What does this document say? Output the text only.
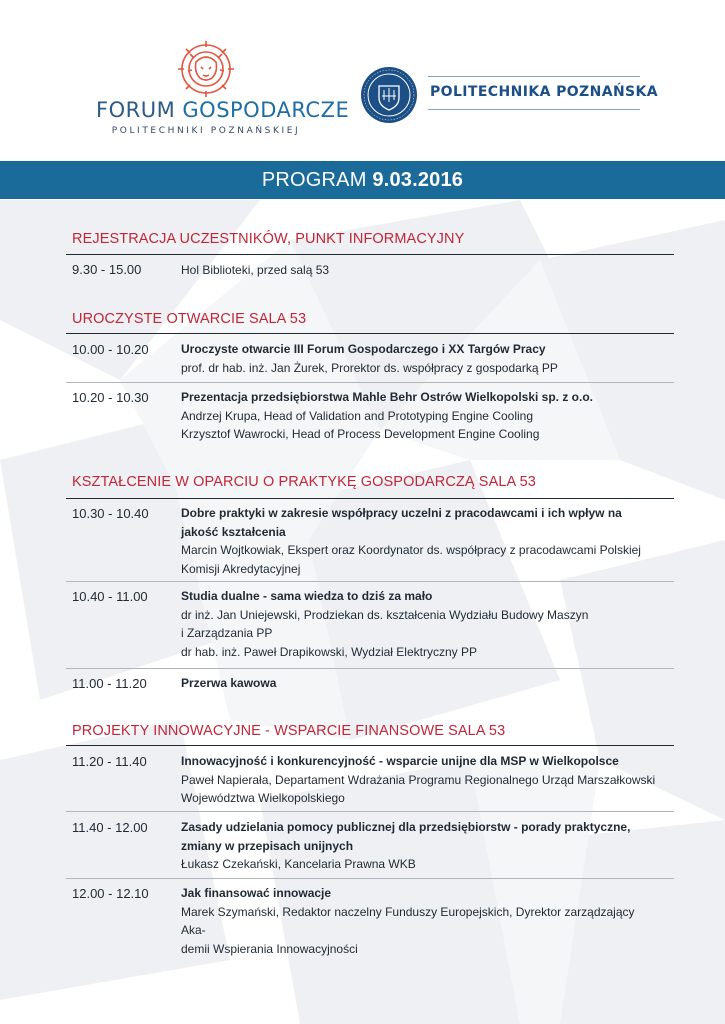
FORUM GOSPODARCZE
POLITECHNIKI POZNAŃSKIEJ
POLITECHNIKA POZNAŃSKA
PROGRAM 9.03.2016
REJESTRACJA UCZESTNIKÓW, PUNKT INFORMACYJNY
9.30 - 15.00	Hol Biblioteki, przed salą 53
UROCZYSTE OTWARCIE SALA 53
10.00 - 10.20	Uroczyste otwarcie III Forum Gospodarczego i XX Targów Pracy
prof. dr hab. inż. Jan Żurek, Prorektor ds. współpracy z gospodarką PP
10.20 - 10.30	Prezentacja przedsiębiorstwa Mahle Behr Ostrów Wielkopolski sp. z o.o.
Andrzej Krupa, Head of Validation and Prototyping Engine Cooling
Krzysztof Wawrocki, Head of Process Development Engine Cooling
KSZTAŁCENIE W OPARCIU O PRAKTYKĘ GOSPODARCZĄ SALA 53
10.30 - 10.40	Dobre praktyki w zakresie współpracy uczelni z pracodawcami i ich wpływ na
jakość kształcenia
Marcin Wojtkowiak, Ekspert oraz Koordynator ds. współpracy z pracodawcami Polskiej
Komisji Akredytacyjnej
10.40 - 11.00	Studia dualne - sama wiedza to dziś za mało
dr inż. Jan Uniejewski, Prodziekan ds. kształcenia Wydziału Budowy Maszyn
i Zarządzania PP
dr hab. inż. Paweł Drapikowski, Wydział Elektryczny PP
11.00 - 11.20	Przerwa kawowa
PROJEKTY INNOWACYJNE - WSPARCIE FINANSOWE SALA 53
11.20 - 11.40	Innowacyjność i konkurencyjność - wsparcie unijne dla MSP w Wielkopolsce
Paweł Napierała, Departament Wdrażania Programu Regionalnego Urząd Marszałkowski
Województwa Wielkopolskiego
11.40 - 12.00	Zasady udzielania pomocy publicznej dla przedsiębiorstw - porady praktyczne,
zmiany w przepisach unijnych
Łukasz Czekański, Kancelaria Prawna WKB
12.00 - 12.10	Jak finansować innowacje
Marek Szymański, Redaktor naczelny Funduszy Europejskich, Dyrektor zarządzający Aka-
demii Wspierania Innowacyjności
